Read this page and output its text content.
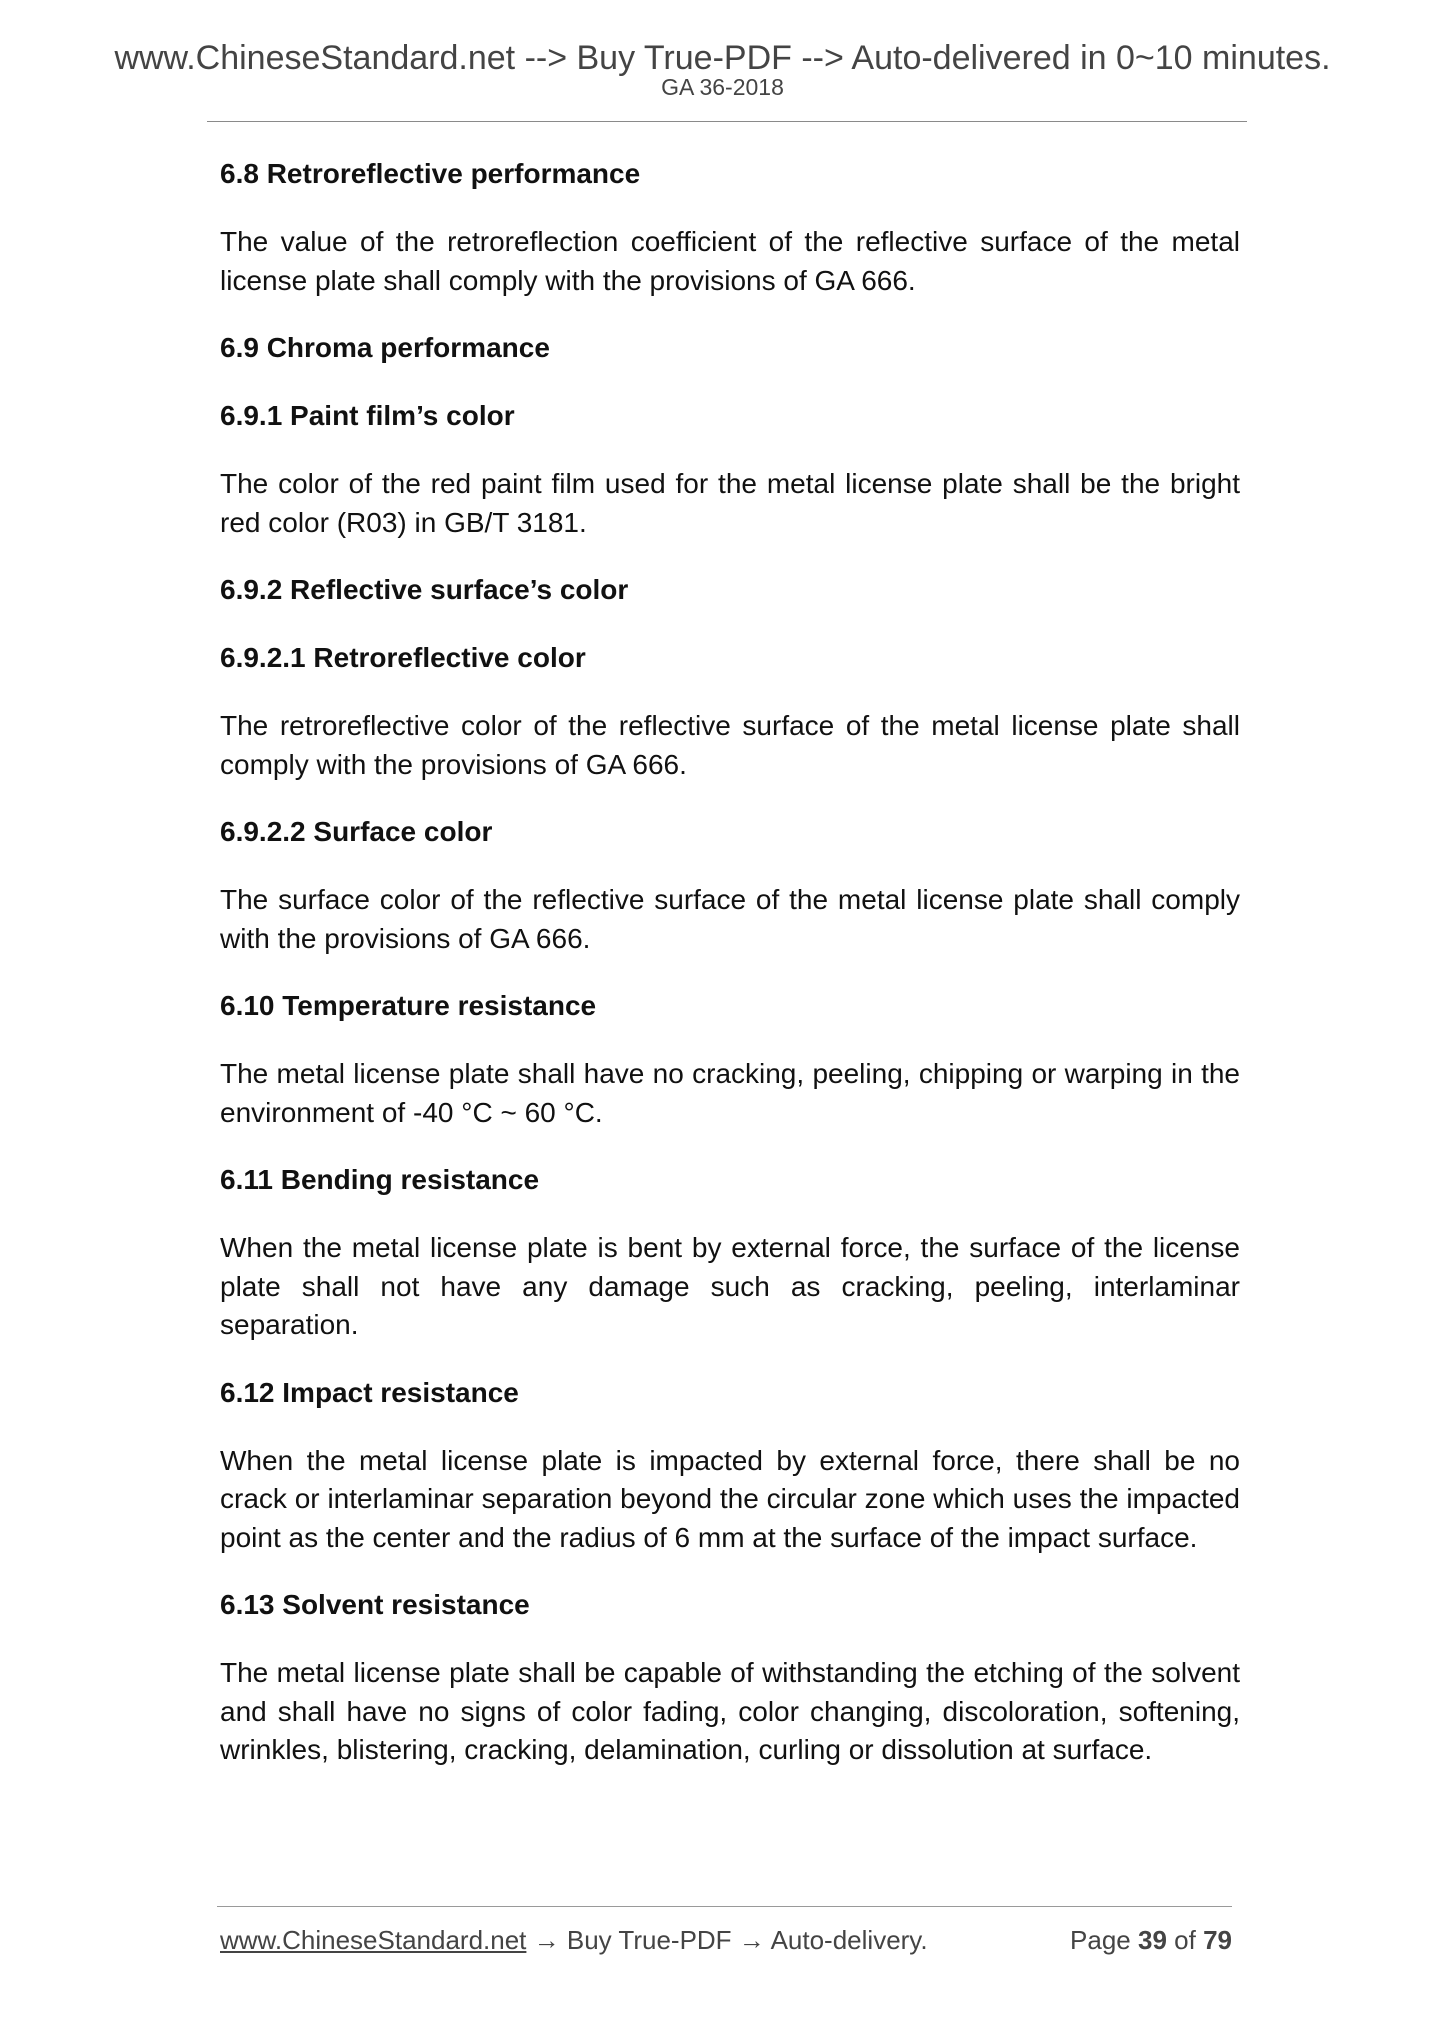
www.ChineseStandard.net --> Buy True-PDF --> Auto-delivered in 0~10 minutes.
GA 36-2018
6.8 Retroreflective performance
The value of the retroreflection coefficient of the reflective surface of the metal license plate shall comply with the provisions of GA 666.
6.9 Chroma performance
6.9.1 Paint film’s color
The color of the red paint film used for the metal license plate shall be the bright red color (R03) in GB/T 3181.
6.9.2 Reflective surface’s color
6.9.2.1 Retroreflective color
The retroreflective color of the reflective surface of the metal license plate shall comply with the provisions of GA 666.
6.9.2.2 Surface color
The surface color of the reflective surface of the metal license plate shall comply with the provisions of GA 666.
6.10 Temperature resistance
The metal license plate shall have no cracking, peeling, chipping or warping in the environment of -40 °C ~ 60 °C.
6.11 Bending resistance
When the metal license plate is bent by external force, the surface of the license plate shall not have any damage such as cracking, peeling, interlaminar separation.
6.12 Impact resistance
When the metal license plate is impacted by external force, there shall be no crack or interlaminar separation beyond the circular zone which uses the impacted point as the center and the radius of 6 mm at the surface of the impact surface.
6.13 Solvent resistance
The metal license plate shall be capable of withstanding the etching of the solvent and shall have no signs of color fading, color changing, discoloration, softening, wrinkles, blistering, cracking, delamination, curling or dissolution at surface.
www.ChineseStandard.net → Buy True-PDF → Auto-delivery.	Page 39 of 79
